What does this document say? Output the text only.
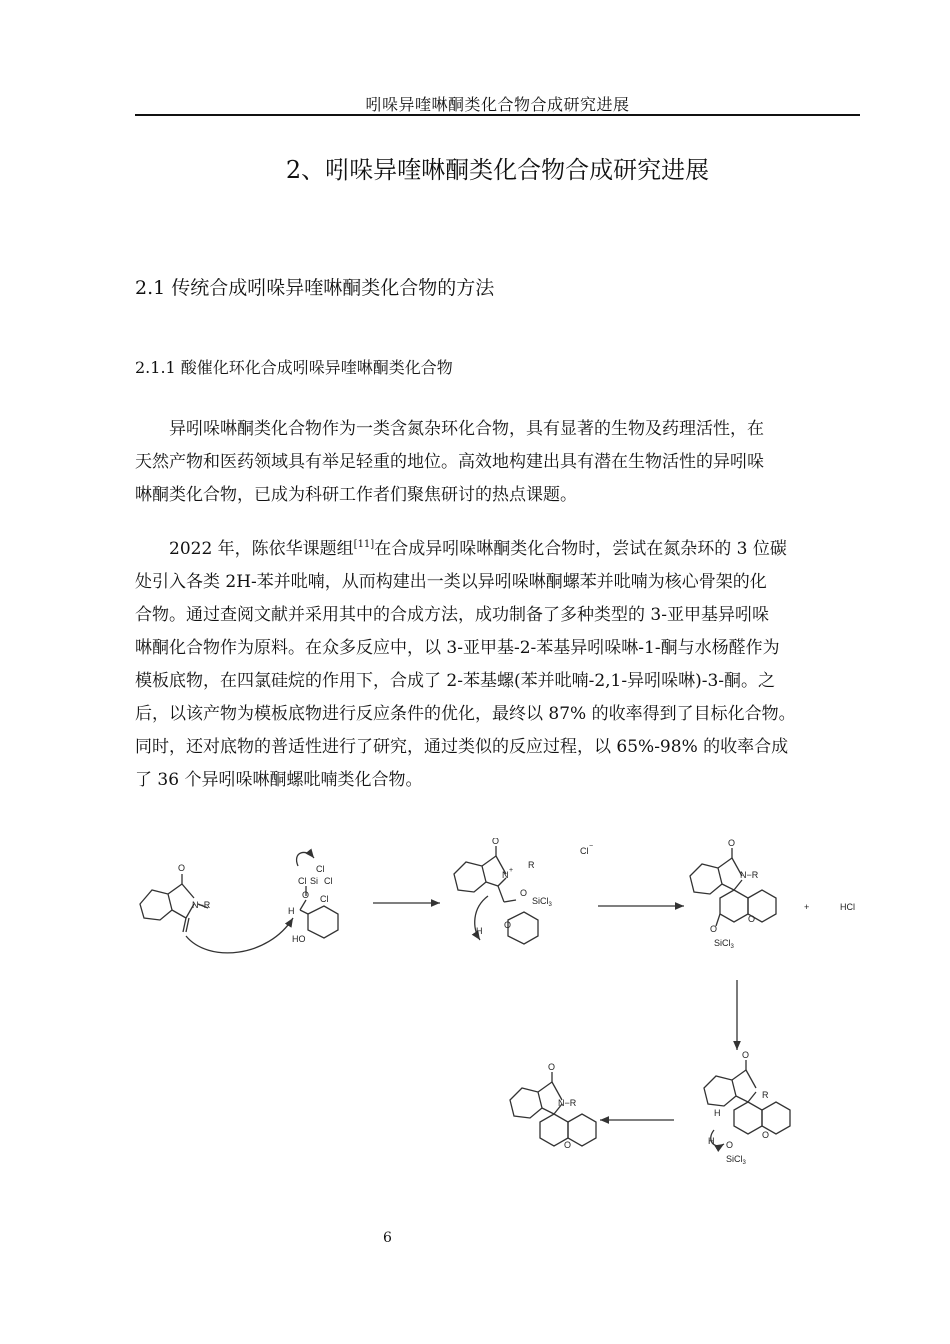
吲哚异喹啉酮类化合物合成研究进展
2、吲哚异喹啉酮类化合物合成研究进展
2.1 传统合成吲哚异喹啉酮类化合物的方法
2.1.1 酸催化环化合成吲哚异喹啉酮类化合物
异吲哚啉酮类化合物作为一类含氮杂环化合物，具有显著的生物及药理活性，在
天然产物和医药领域具有举足轻重的地位。高效地构建出具有潜在生物活性的异吲哚
啉酮类化合物，已成为科研工作者们聚焦研讨的热点课题。
2022 年，陈依华课题组[11]在合成异吲哚啉酮类化合物时，尝试在氮杂环的 3 位碳
处引入各类 2H-苯并吡喃，从而构建出一类以异吲哚啉酮螺苯并吡喃为核心骨架的化
合物。通过查阅文献并采用其中的合成方法，成功制备了多种类型的 3-亚甲基异吲哚
啉酮化合物作为原料。在众多反应中，以 3-亚甲基-2-苯基异吲哚啉-1-酮与水杨醛作为
模板底物，在四氯硅烷的作用下，合成了 2-苯基螺(苯并吡喃-2,1-异吲哚啉)-3-酮。之
后，以该产物为模板底物进行反应条件的优化，最终以 87% 的收率得到了目标化合物。
同时，还对底物的普适性进行了研究，通过类似的反应过程，以 65%-98% 的收率合成
了 36 个异吲哚啉酮螺吡喃类化合物。
O
N−R
Cl
Cl Si Cl
Cl
O
H
HO
O
N +
R
Cl −
O
SiCl$_3$
H
O
O
N−R
O
O
SiCl$_3$
+	HCl
O
R
H
O
H O
SiCl$_3$
O
N−R
O
6
